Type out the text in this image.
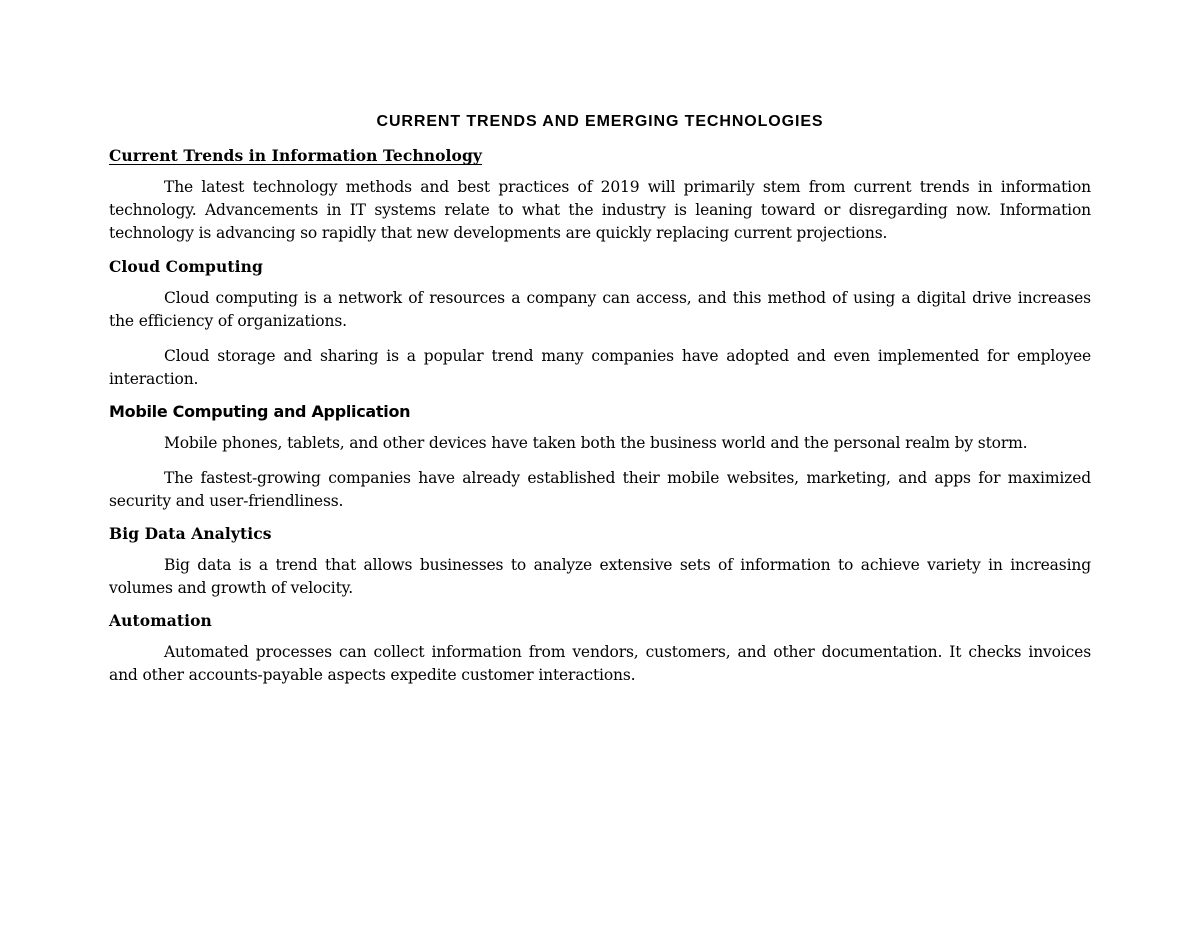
CURRENT TRENDS AND EMERGING TECHNOLOGIES
Current Trends in Information Technology

The latest technology methods and best practices of 2019 will primarily stem from current trends in information technology. Advancements in IT systems relate to what the industry is leaning toward or disregarding now. Information technology is advancing so rapidly that new developments are quickly replacing current projections.

Cloud Computing

Cloud computing is a network of resources a company can access, and this method of using a digital drive increases the efficiency of organizations.

Cloud storage and sharing is a popular trend many companies have adopted and even implemented for employee interaction.

Mobile Computing and Application

Mobile phones, tablets, and other devices have taken both the business world and the personal realm by storm.

The fastest-growing companies have already established their mobile websites, marketing, and apps for maximized security and user-friendliness.

Big Data Analytics

Big data is a trend that allows businesses to analyze extensive sets of information to achieve variety in increasing volumes and growth of velocity.

Automation

Automated processes can collect information from vendors, customers, and other documentation. It checks invoices and other accounts-payable aspects expedite customer interactions.
